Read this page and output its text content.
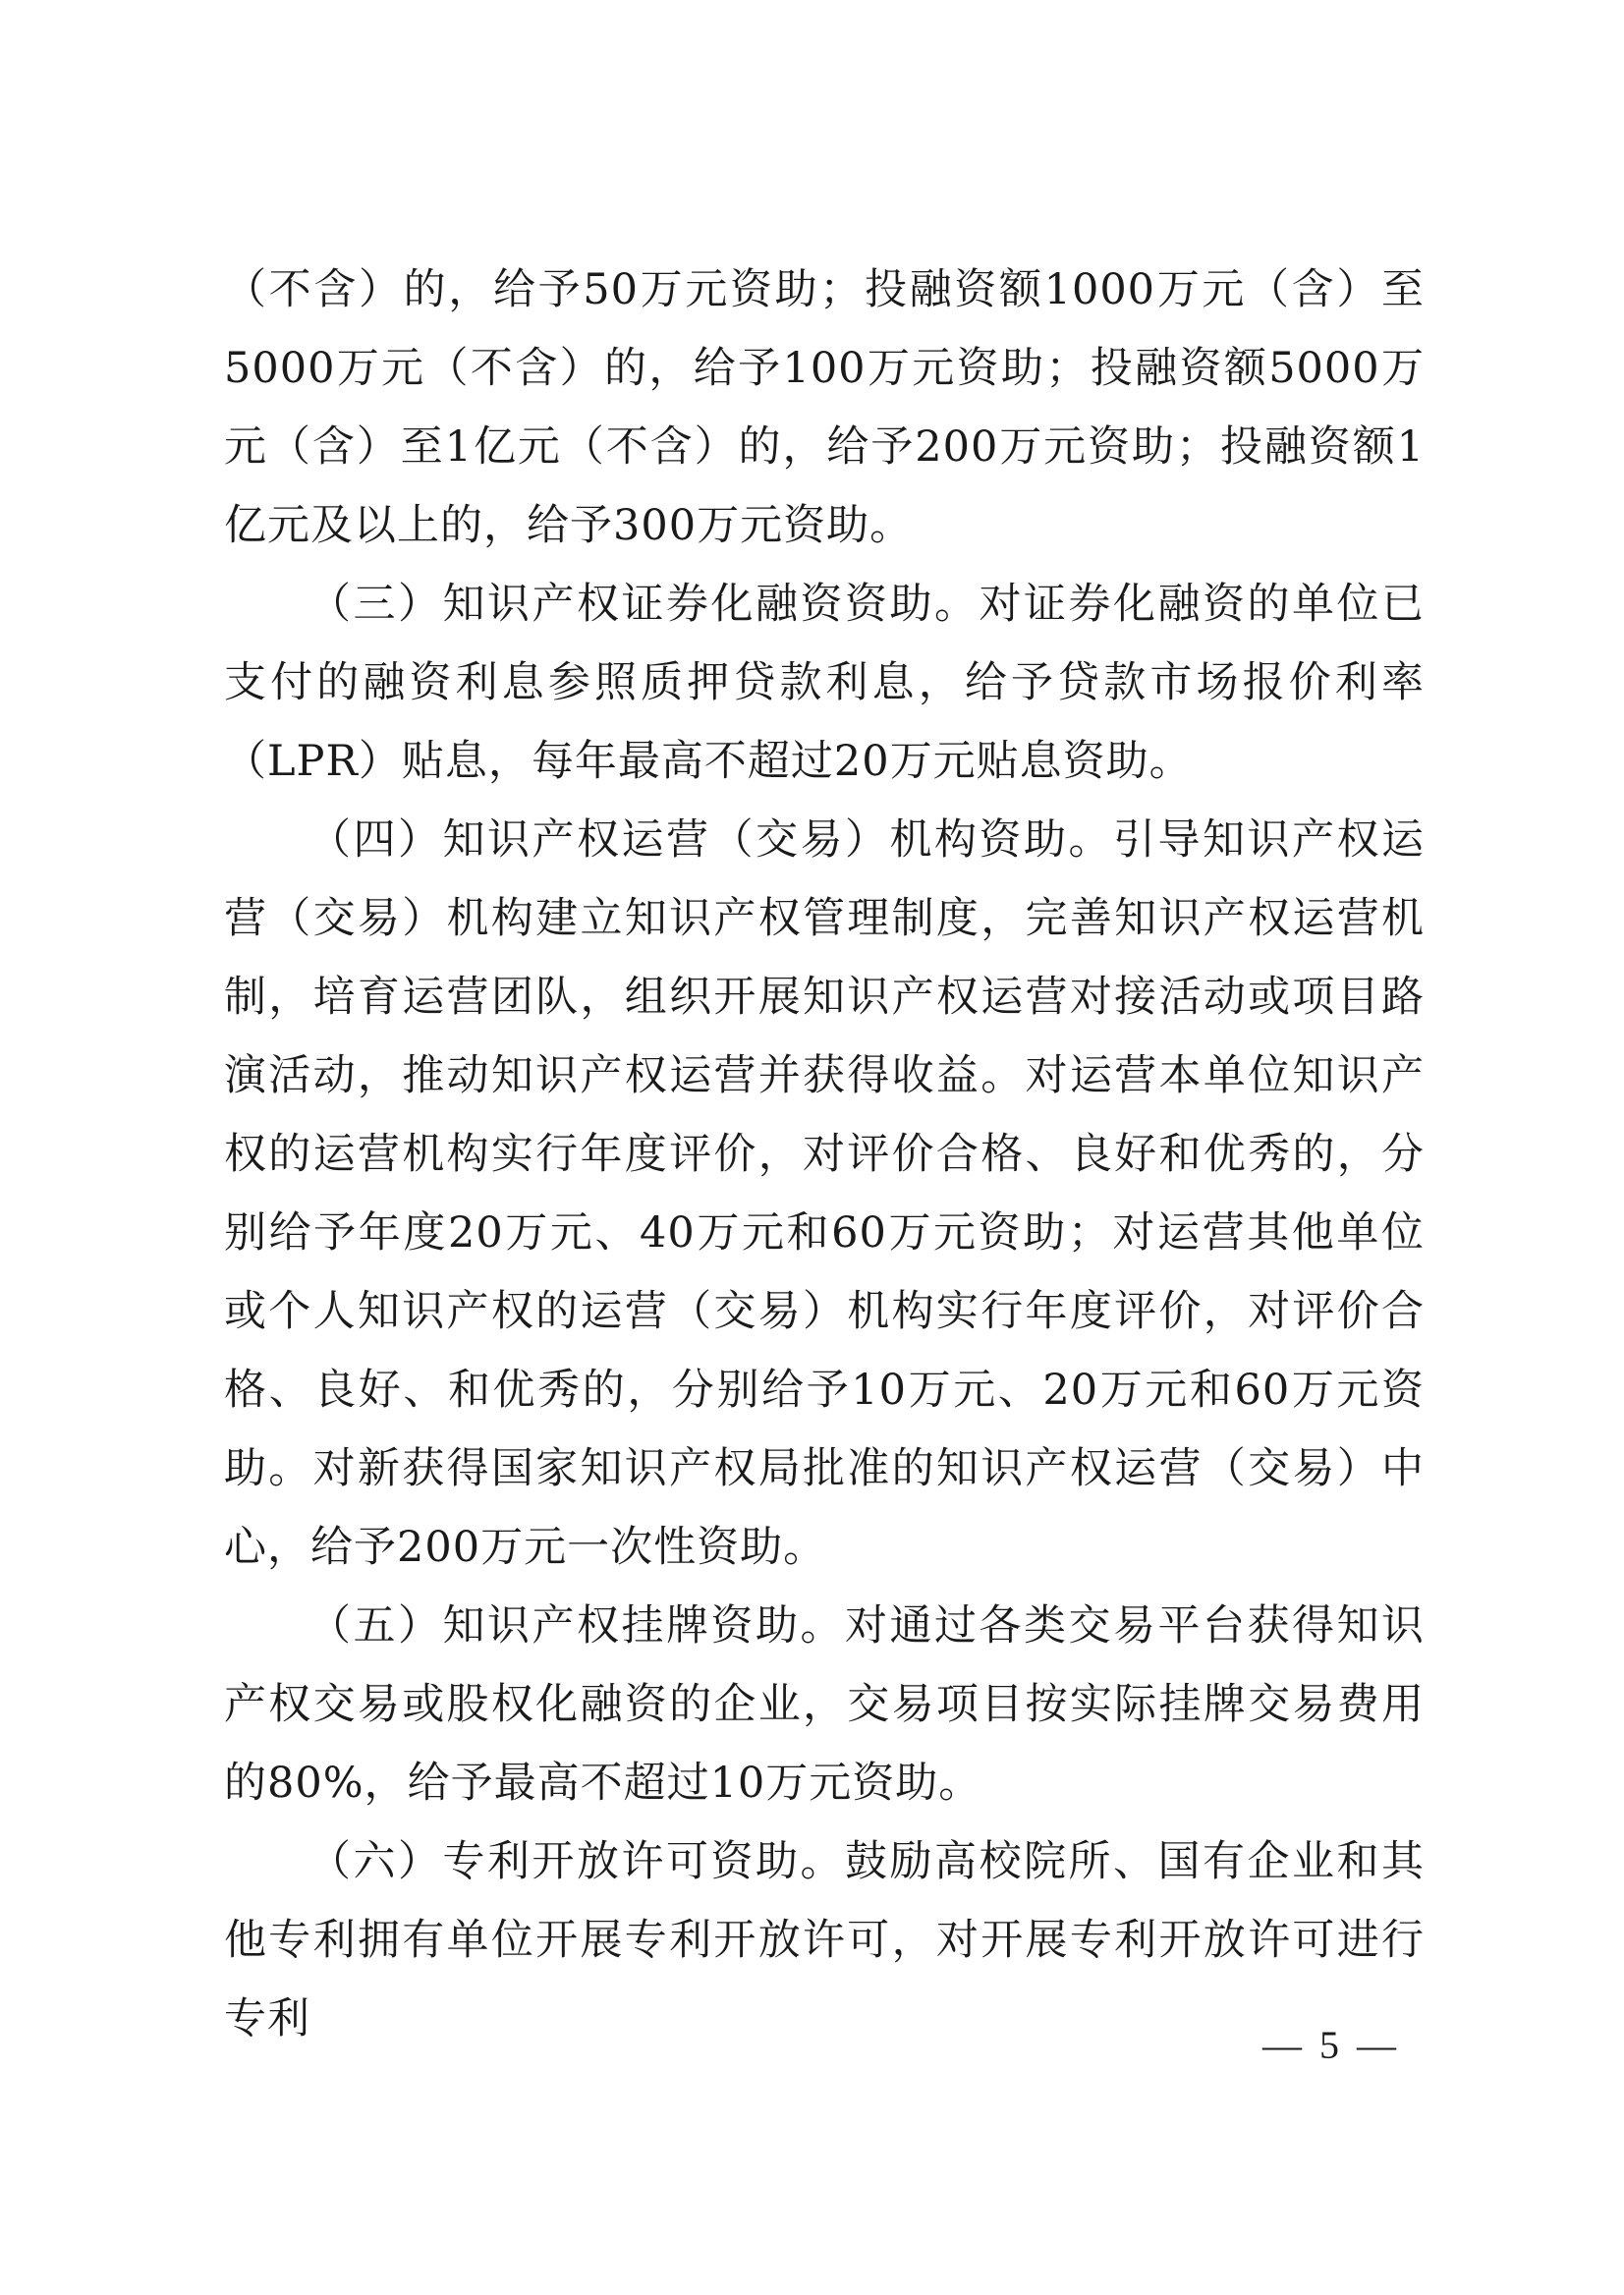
（不含）的，给予50万元资助；投融资额1000万元（含）至5000万元（不含）的，给予100万元资助；投融资额5000万元（含）至1亿元（不含）的，给予200万元资助；投融资额1亿元及以上的，给予300万元资助。

（三）知识产权证券化融资资助。对证券化融资的单位已支付的融资利息参照质押贷款利息，给予贷款市场报价利率（LPR）贴息，每年最高不超过20万元贴息资助。

（四）知识产权运营（交易）机构资助。引导知识产权运营（交易）机构建立知识产权管理制度，完善知识产权运营机制，培育运营团队，组织开展知识产权运营对接活动或项目路演活动，推动知识产权运营并获得收益。对运营本单位知识产权的运营机构实行年度评价，对评价合格、良好和优秀的，分别给予年度20万元、40万元和60万元资助；对运营其他单位或个人知识产权的运营（交易）机构实行年度评价，对评价合格、良好、和优秀的，分别给予10万元、20万元和60万元资助。对新获得国家知识产权局批准的知识产权运营（交易）中心，给予200万元一次性资助。

（五）知识产权挂牌资助。对通过各类交易平台获得知识产权交易或股权化融资的企业，交易项目按实际挂牌交易费用的80%，给予最高不超过10万元资助。

（六）专利开放许可资助。鼓励高校院所、国有企业和其他专利拥有单位开展专利开放许可，对开展专利开放许可进行专利

— 5 —
